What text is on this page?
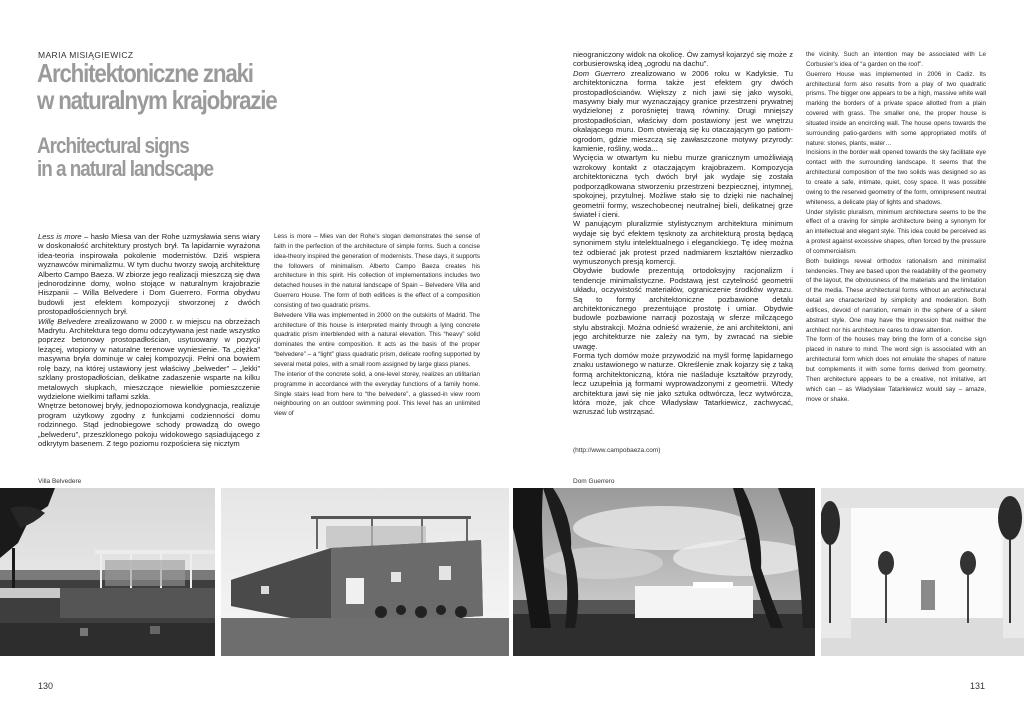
MARIA MISIĄGIEWICZ
Architektoniczne znaki
w naturalnym krajobrazie
Architectural signs
in a natural landscape

Less is more – hasło Miesa van der Rohe uzmysławia sens wiary w doskonałość architektury prostych brył. Ta lapidarnie wyrażona idea-teoria inspirowała pokolenie modernistów. Dziś wspiera wyznawców minimalizmu. W tym duchu tworzy swoją architekturę Alberto Campo Baeza. W zbiorze jego realizacji mieszczą się dwa jednorodzinne domy, wolno stojące w naturalnym krajobrazie Hiszpanii – Willa Belvedere i Dom Guerrero. Forma obydwu budowli jest efektem kompozycji stworzonej z dwóch prostopadłościennych brył.

Willę Belvedere zrealizowano w 2000 r. w miejscu na obrzeżach Madrytu. Architektura tego domu odczytywana jest nade wszystko poprzez betonowy prostopadłościan, usytuowany w pozycji leżącej, wtopiony w naturalne terenowe wyniesienie. Ta „ciężka” masywna bryła dominuje w całej kompozycji. Pełni ona bowiem rolę bazy, na której ustawiony jest właściwy „belweder” – „lekki” szklany prostopadłościan, delikatne zadaszenie wsparte na kilku metalowych słupkach, mieszczące niewielkie pomieszczenie wydzielone wielkimi taflami szkła.

Wnętrze betonowej bryły, jednopoziomowa kondygnacja, realizuje program użytkowy zgodny z funkcjami codzienności domu rodzinnego. Stąd jednobiegowe schody prowadzą do owego „belwederu”, przeszklonego pokoju widokowego sąsiadującego z odkrytym basenem. Z tego poziomu rozpościera się nicztym

Less is more – Mies van der Rohe’s slogan demonstrates the sense of faith in the perfection of the architecture of simple forms. Such a concise idea-theory inspired the generation of modernists. These days, it supports the followers of minimalism. Alberto Campo Baeza creates his architecture in this spirit. His collection of implementations includes two detached houses in the natural landscape of Spain – Belvedere Villa and Guerrero House. The form of both edifices is the effect of a composition consisting of two quadratic prisms.

Belvedere Villa was implemented in 2000 on the outskirts of Madrid. The architecture of this house is interpreted mainly through a lying concrete quadratic prism interblended with a natural elevation. This “heavy” solid dominates the entire composition. It acts as the basis of the proper “belvedere” – a “light” glass quadratic prism, delicate roofing supported by several metal poles, with a small room assigned by large glass planes.

The interior of the concrete solid, a one-level storey, realizes an utilitarian programme in accordance with the everyday functions of a family home. Single stairs lead from here to “the belvedere”, a glassed-in view room neighbouring on an outdoor swimming pool. This level has an unlimited view of

nieograniczony widok na okolicę. Ów zamysł kojarzyć się może z corbusierowską ideą „ogrodu na dachu”.

Dom Guerrero zrealizowano w 2006 roku w Kadyksie. Tu architektoniczna forma także jest efektem gry dwóch prostopadłościanów. Większy z nich jawi się jako wysoki, masywny biały mur wyznaczający granice przestrzeni prywatnej wydzielonej z porośniętej trawą równiny. Drugi mniejszy prostopadłościan, właściwy dom postawiony jest we wnętrzu okalającego muru. Dom otwierają się ku otaczającym go patiom-ogrodom, gdzie mieszczą się zawłaszczone motywy przyrody: kamienie, rośliny, woda...

Wycięcia w otwartym ku niebu murze granicznym umożliwiają wzrokowy kontakt z otaczającym krajobrazem. Kompozycja architektoniczna tych dwóch brył jak wydaje się została podporządkowana stworzeniu przestrzeni bezpiecznej, intymnej, spokojnej, przytulnej. Możliwe stało się to dzięki nie nachalnej geometrii formy, wszechobecnej neutralnej bieli, delikatnej grze świateł i cieni.

W panującym pluralizmie stylistycznym architektura minimum wydaje się być efektem tęsknoty za architekturą prostą będącą synonimem stylu intelektualnego i eleganckiego. Tę ideę można też odbierać jak protest przed nadmiarem kształtów nierzadko wymuszonych presją komercji.

Obydwie budowle prezentują ortodoksyjny racjonalizm i tendencje minimalistyczne. Podstawą jest czytelność geometrii układu, oczywistość materiałów, ograniczenie środków wyrazu. Są to formy architektoniczne pozbawione detalu architektonicznego prezentujące prostotę i umiar. Obydwie budowle pozbawione narracji pozostają w sferze milczącego stylu abstrakcji. Można odnieść wrażenie, że ani architektoni, ani jego architekturze nie zależy na tym, by zwracać na siebie uwagę.

Forma tych domów może przywodzić na myśl formę lapidarnego znaku ustawionego w naturze. Określenie znak kojarzy się z taką formą architektoniczną, która nie naśladuje kształtów przyrody, lecz uzupełnia ją formami wyprowadzonymi z geometrii. Wtedy architektura jawi się nie jako sztuka odtwórcza, lecz wytwórcza, która może, jak chce Władysław Tatarkiewicz, zachwycać, wzruszać lub wstrząsać.

(http://www.campobaeza.com)

the vicinity. Such an intention may be associated with Le Corbusier’s idea of “a garden on the roof”.

Guerrero House was implemented in 2006 in Cadiz. Its architectural form also results from a play of two quadratic prisms. The bigger one appears to be a high, massive white wall marking the borders of a private space allotted from a plain covered with grass. The smaller one, the proper house is situated inside an encircling wall. The house opens towards the surrounding patio-gardens with some appropriated motifs of nature: stones, plants, water…

Incisions in the border wall opened towards the sky facilitate eye contact with the surrounding landscape. It seems that the architectural composition of the two solids was designed so as to create a safe, intimate, quiet, cosy space. It was possible owing to the reserved geometry of the form, omnipresent neutral whiteness, a delicate play of lights and shadows.

Under stylistic pluralism, minimum architecture seems to be the effect of a craving for simple architecture being a synonym for an intellectual and elegant style. This idea could be perceived as a protest against excessive shapes, often forced by the pressure of commercialism.

Both buildings reveal orthodox rationalism and minimalist tendencies. They are based upon the readability of the geometry of the layout, the obviousness of the materials and the limitation of the media. These architectural forms without an architectural detail are characterized by simplicity and moderation. Both edifices, devoid of narration, remain in the sphere of a silent abstract style. One may have the impression that neither the architect nor his architecture cares to draw attention.

The form of the houses may bring the form of a concise sign placed in nature to mind. The word sign is associated with an architectural form which does not emulate the shapes of nature but complements it with some forms derived from geometry. Then architecture appears to be a creative, not imitative, art which can – as Władysław Tatarkiewicz would say – amaze, move or shake.

Villa Belvedere	Dom Guerrero
130	131
